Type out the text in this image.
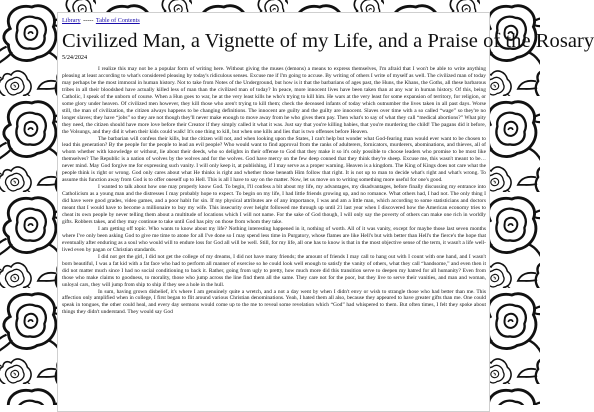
Library ----- Table of Contents
Civilized Man, a Vignette of my Life, and a Praise of the Rosary
5/24/2024

I realize this may not be a popular form of writing here. Without giving the muses (demons) a means to express themselves, I'm afraid that I won't be able to write anything pleasing at least according to what's considered pleasing by today's ridiculous senses. Excuse me if I'm going to accuse. By writing of others I write of myself as well. The civilized man of today may perhaps be the most immoral in human history. Not to take from Notes of the Underground, but how is it that the barbarians of ages past, the Huns, the Khans, the Goths, all these barbarous tribes in all their bloodshed have actually killed less of man than the civilized man of today? In peace, more innocent lives have been taken than at any war in human history. Of this, being Catholic, I speak of the unborn of course. When a Hun goes to war, he at the very least kills he who's trying to kill him. He wars at the very least for some expansion of territory, for religion, or some glory under heaven. Of civilized men however, they kill those who aren't trying to kill them; check the deceased infants of today which outnumber the lives taken in all past days. Worse still, the man of civilization, the citizen always happens to be changing definitions. The innocent are guilty and the guilty are innocent. Slaves over time with a so called “wage” so they're no longer slaves; they have “jobs” so they are not though they'll never make enough to move away from he who gives them pay. Then what's to say of what they call “medical abortions?” What pity they need, the citizen should have more love before their Creator if they simply called it what it was. Just say that you're killing babies, that you're murdering the child! The pagans did it before, the Volsungs, and they did it when their kids could walk! It's one thing to kill, but when one kills and lies that is two offenses before Heaven.

The barbarian will confess their kills, but the citizen will not, and when looking upon the States, I can't help but wonder what God-fearing man would ever want to be chosen to lead this generation? By the people for the people to lead an evil people? Who would want to find approval from the ranks of adulterers, fornicators, murderers, abominations, and thieves, all of whom whether with knowledge or without, lie about their deeds, who so delights in their offense to God that they make it so it's only possible to choose leaders who promise to be most like themselves? The Republic is a nation of wolves by the wolves and for the wolves. God have mercy on the few deep conned that they think they're sheep. Excuse me, this wasn't meant to be… never mind. May God forgive me for expressing such vanity. I will only keep it, at publishing, if I may serve as a proper warning. Heaven is a kingdom. The King of Kings does not care what the people think is right or wrong. God only cares about what He thinks is right and whether those beneath Him follow that right. It is not up to man to decide what's right and what's wrong. To assume this function away from God is to offer oneself up to Hell. This is all I have to say on the matter. Now, let us move on to writing something more useful for one's good.

I wanted to talk about how one may properly know God. To begin, I'll confess a bit about my life, my advantages, my disadvantages, before finally discussing my entrance into Catholicism as a young man and the distresses I may probably hope to expect. To begin on my life, I had little friends growing up, and no romance. What others had, I had not. The only thing I did have were good grades, video games, and a poor habit for sin. If my physical attributes are of any importance, I was and am a little man, which according to some statisticians and doctors meant that I would have to become a millionaire to buy my wife. This insecurity over height followed me through up until 21 last year when I discovered how the American economy tries to cheat its own people by never telling them about a multitude of locations which I will not name. For the sake of God though, I will only say the poverty of others can make one rich in worldly gifts. Robbers takes, and they may continue to take until God has pity on those from whom they take.

I am getting off topic. Who wants to know about my life? Nothing interesting happened in it, nothing of worth. All of it was vanity, except for maybe those last seven months where I've only been asking God to give me time to atone for all I've done so I may spend less time in Purgatory, whose flames are like Hell's but with better than Hell's the fierce's the hope that eventually after enduring as a soul who would will to endure loss for God all will be well. Still, for my life, all one has to know is that in the most objective sense of the term, it wasn't a life well-lived even by pagan or Christian standards.

I did not get the girl, I did not get the college of my dreams, I did not have many friends; the amount of friends I may call to hang out with I count with one hand, and I wasn't born beautiful, I was a fat kid with a fat face who had to perform all manner of exercise so he could look well enough to satisfy the vanity of others, what they call “handsome,” and even then it did not matter much since I had no social conditioning to back it. Rather, going from ugly to pretty, how much more did this transition serve to deepen my hatred for all humanity? Even from those who make claims to goodness, to morality, those who jump across the line find them all the same. They care not for the poor, but they live to serve their vanities, and man and woman, unloyal cars, they will jump from ship to ship if they see a hole in the hull.

In sum, having grown disbelief, it's where I am genuinely quite a wretch, and a not a day went by when I didn't envy or wish to strangle those who had better than me. This affection only amplified when in college, I first began to flit around various Christian denominations. Yeah, I hated them all also, because they appeared to have greater gifts than me. One could speak in tongues, the other could heal, and every day sermons would come up to the me to reveal some revelation which “God” had whispered to them. But often times, I felt they spoke about things they didn't understand. They would say God
